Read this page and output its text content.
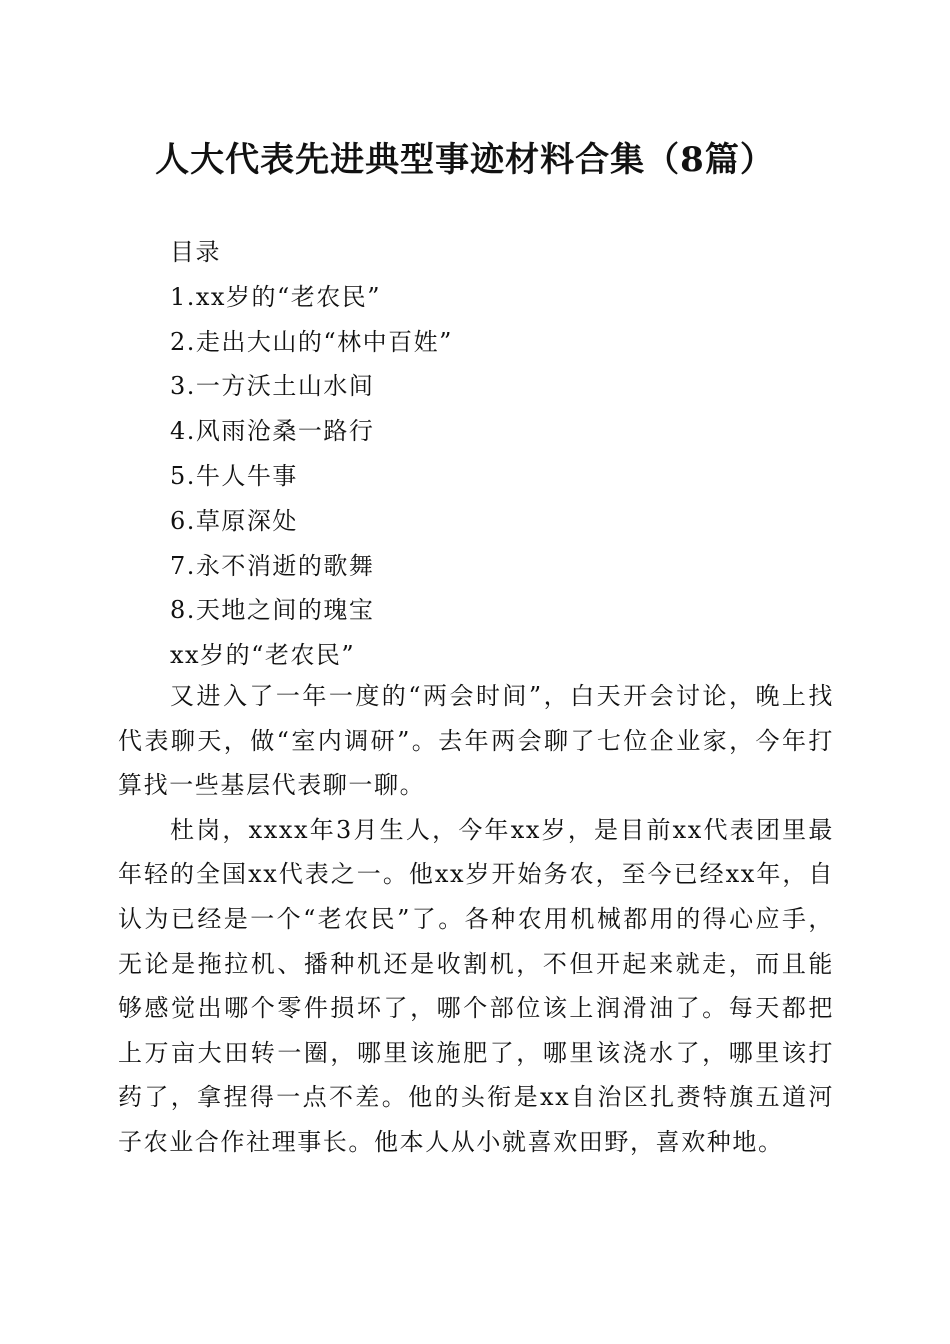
人大代表先进典型事迹材料合集（8篇）
目录
1.xx岁的“老农民”
2.走出大山的“林中百姓”
3.一方沃土山水间
4.风雨沧桑一路行
5.牛人牛事
6.草原深处
7.永不消逝的歌舞
8.天地之间的瑰宝
xx岁的“老农民”

又进入了一年一度的“两会时间”，白天开会讨论，晚上找代表聊天，做“室内调研”。去年两会聊了七位企业家，今年打算找一些基层代表聊一聊。

杜岗，xxxx年3月生人，今年xx岁，是目前xx代表团里最年轻的全国xx代表之一。他xx岁开始务农，至今已经xx年，自认为已经是一个“老农民”了。各种农用机械都用的得心应手，无论是拖拉机、播种机还是收割机，不但开起来就走，而且能够感觉出哪个零件损坏了，哪个部位该上润滑油了。每天都把上万亩大田转一圈，哪里该施肥了，哪里该浇水了，哪里该打药了，拿捏得一点不差。他的头衔是xx自治区扎赉特旗五道河子农业合作社理事长。他本人从小就喜欢田野，喜欢种地。
